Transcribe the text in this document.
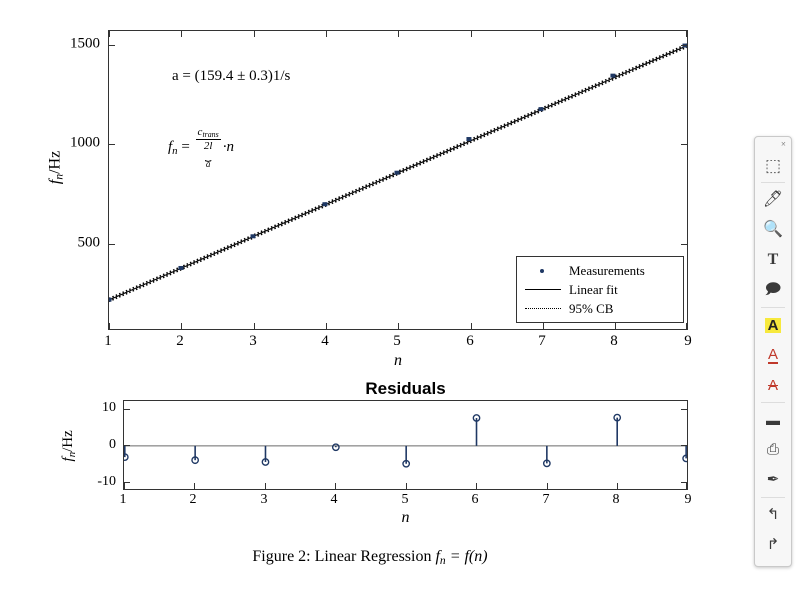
1	2	3	4	5	6	7	8	9
1500
1000
500
n
$f_n/Hz$
a = (159.4 ± 0.3)1/s
$f_n = \frac{c_{trans}}{2l}$
⏟
a
·n
Measurements
Linear fit
95% CB
Residuals
1	2	3	4	5	6	7	8	9
10
0
-10
n
$f_n/Hz$
Figure 2: Linear Regression $f_n = f(n)$
×
⬚
🖊
🔍
T
🗩
A
A
A
▬
⎙
✒
↰
↱
